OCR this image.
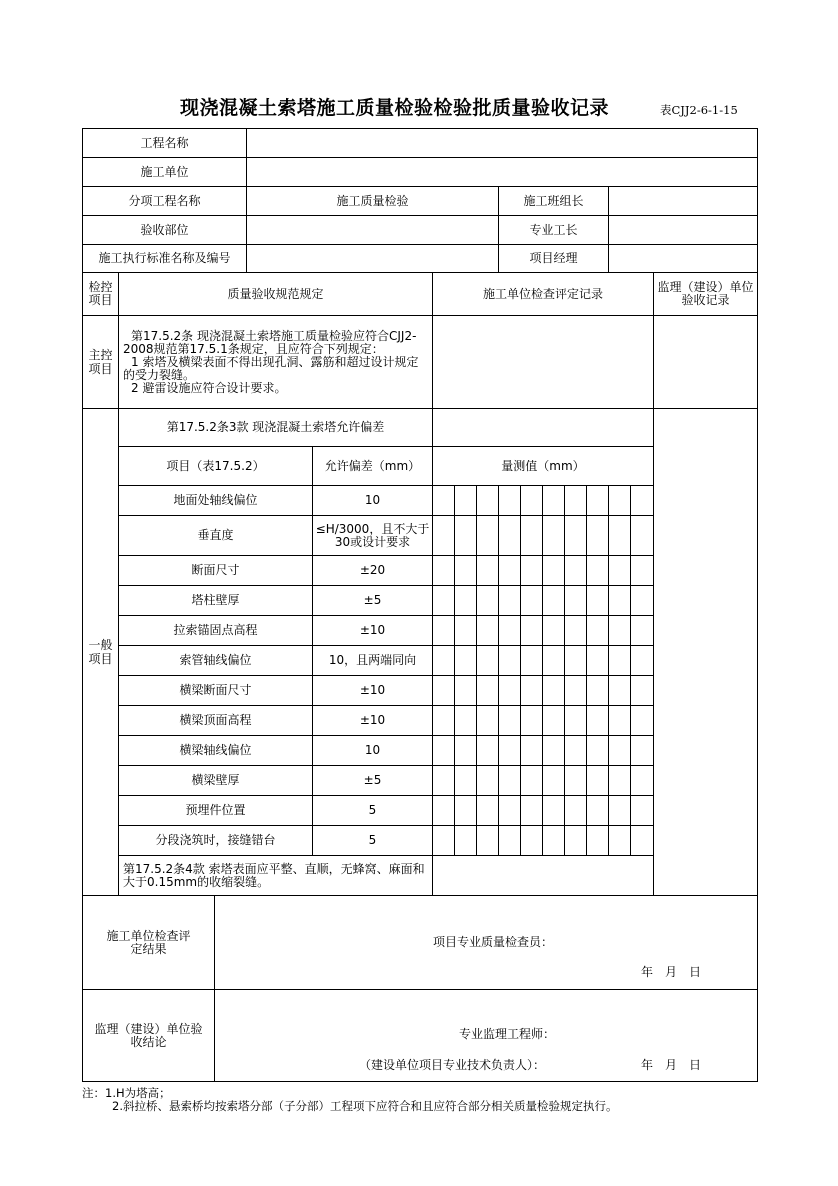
现浇混凝土索塔施工质量检验检验批质量验收记录	表CJJ2-6-1-15
工程名称															
施工单位															
分项工程名称			施工质量检验					施工班组长							
验收部位								专业工长							
施工执行标准名称及编号								项目经理							
检控项目	质量验收规范规定				施工单位检查评定记录										监理（建设）单位验收记录
主控项目	第17.5.2条 现浇混凝土索塔施工质量检验应符合CJJ2-2008规范第17.5.1条规定，且应符合下列规定：
1 索塔及横梁表面不得出现孔洞、露筋和超过设计规定的受力裂缝。
2 避雷设施应符合设计要求。														

一般项目	第17.5.2条3款 现浇混凝土索塔允许偏差														
	项目（表17.5.2）			允许偏差（mm）	量测值（mm）										
	地面处轴线偏位			10											
	垂直度			≤H/3000，且不大于30或设计要求											
	断面尺寸			±20											
	塔柱壁厚			±5											
	拉索锚固点高程			±10											
	索管轴线偏位			10，且两端同向											
	横梁断面尺寸			±10											
	横梁顶面高程			±10											
	横梁轴线偏位			10											
	横梁壁厚			±5											
	预埋件位置			5											
	分段浇筑时，接缝错台			5											
	第17.5.2条4款 索塔表面应平整、直顺，无蜂窝、麻面和大于0.15mm的收缩裂缝。														
施工单位检查评定结果		项目专业质量检查员：
年　月　日													

监理（建设）单位验收结论		专业监理工程师：
（建设单位项目专业技术负责人）： 年　月　日													
注：1.H为塔高；
2.斜拉桥、悬索桥均按索塔分部（子分部）工程项下应符合和且应符合部分相关质量检验规定执行。
